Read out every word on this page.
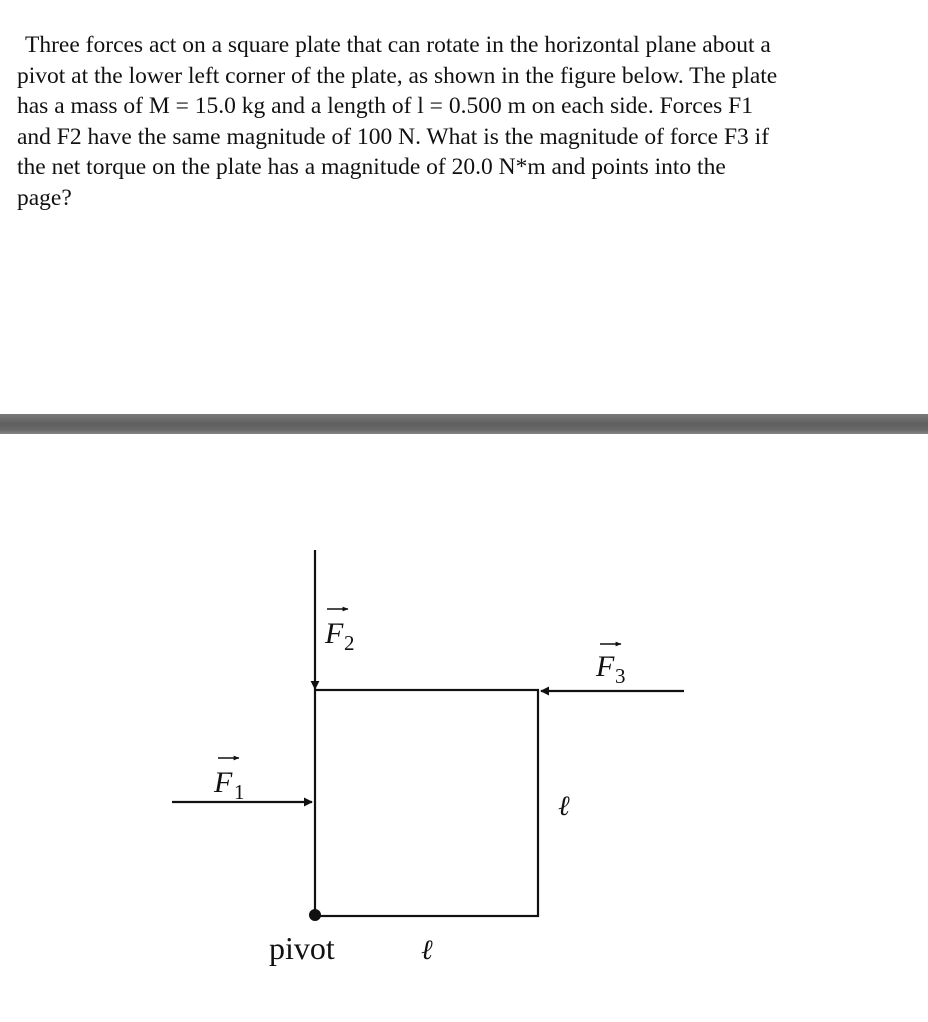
Three forces act on a square plate that can rotate in the horizontal plane about a
pivot at the lower left corner of the plate, as shown in the figure below. The plate
has a mass of M = 15.0 kg and a length of l = 0.500 m on each side. Forces F1
and F2 have the same magnitude of 100 N. What is the magnitude of force F3 if
the net torque on the plate has a magnitude of 20.0 N*m and points into the
page?
F 2
F 3
F 1	ℓ
ℓ
pivot
